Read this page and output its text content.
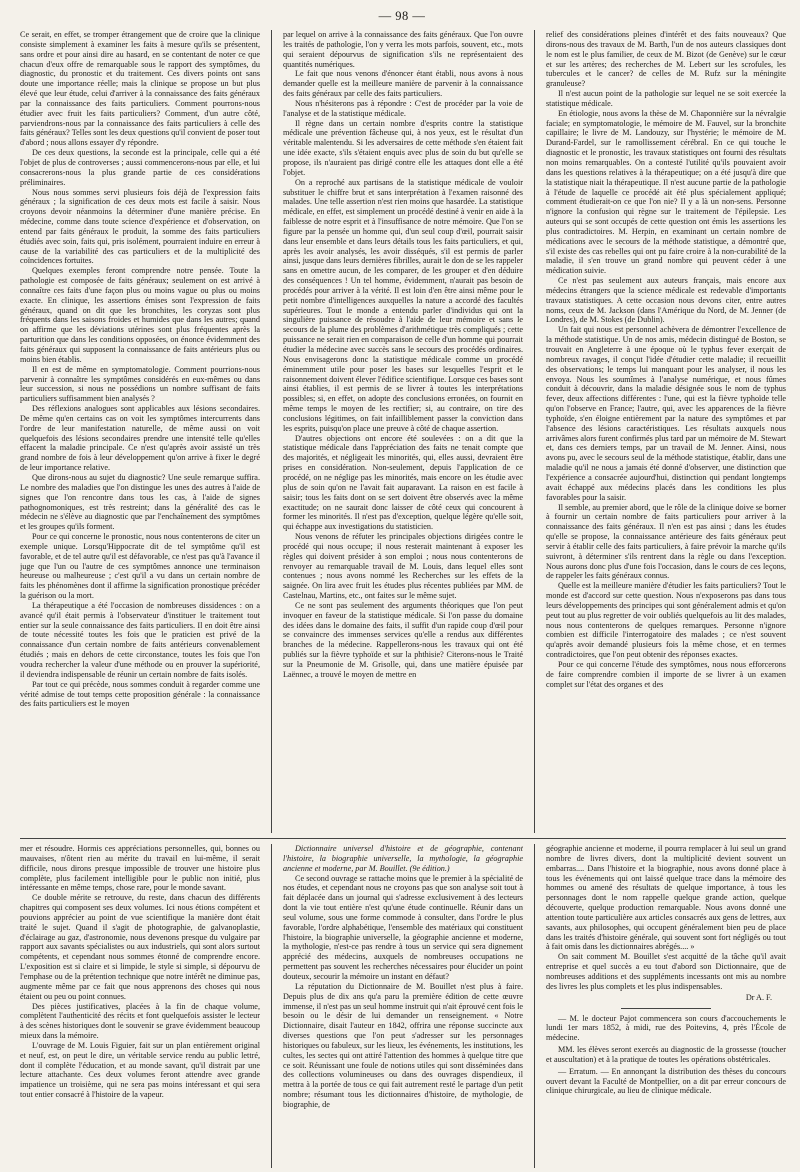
— 98 —

Ce serait, en effet, se tromper étrangement que de croire que la clinique consiste simplement à examiner les faits à mesure qu'ils se présentent, sans ordre et pour ainsi dire au hasard, en se contentant de noter ce que chacun d'eux offre de remarquable sous le rapport des symptômes, du diagnostic, du pronostic et du traitement. Ces divers points ont sans doute une importance réelle; mais la clinique se propose un but plus élevé que leur étude, celui d'arriver à la connaissance des faits généraux par la connaissance des faits particuliers. Comment pourrons-nous étudier avec fruit les faits particuliers? Comment, d'un autre côté, parviendrons-nous par la connaissance des faits particuliers à celle des faits généraux? Telles sont les deux questions qu'il convient de poser tout d'abord ; nous allons essayer d'y répondre.

De ces deux questions, la seconde est la principale, celle qui a été l'objet de plus de controverses ; aussi commencerons-nous par elle, et lui consacrerons-nous la plus grande partie de ces considérations préliminaires.

Nous nous sommes servi plusieurs fois déjà de l'expression faits généraux ; la signification de ces deux mots est facile à saisir. Nous croyons devoir néanmoins la déterminer d'une manière précise. En médecine, comme dans toute science d'expérience et d'observation, on entend par faits généraux le produit, la somme des faits particuliers étudiés avec soin, faits qui, pris isolément, pourraient induire en erreur à cause de la variabilité des cas particuliers et de la multiplicité des coïncidences fortuites.

Quelques exemples feront comprendre notre pensée. Toute la pathologie est composée de faits généraux; seulement on est arrivé à connaître ces faits d'une façon plus ou moins vague ou plus ou moins exacte. En clinique, les assertions émises sont l'expression de faits généraux, quand on dit que les bronchites, les coryzas sont plus fréquents dans les saisons froides et humides que dans les autres; quand on affirme que les déviations utérines sont plus fréquentes après la parturition que dans les conditions opposées, on énonce évidemment des faits généraux qui supposent la connaissance de faits antérieurs plus ou moins bien établis.

Il en est de même en symptomatologie. Comment pourrions-nous parvenir à connaître les symptômes considérés en eux-mêmes ou dans leur succession, si nous ne possédions un nombre suffisant de faits particuliers suffisamment bien analysés ?

Des réflexions analogues sont applicables aux lésions secondaires. De même qu'en certains cas on voit les symptômes intercurrents dans l'ordre de leur manifestation naturelle, de même aussi on voit quelquefois des lésions secondaires prendre une intensité telle qu'elles effacent la maladie principale. Ce n'est qu'après avoir assisté un très grand nombre de fois à leur développement qu'on arrive à fixer le degré de leur importance relative.

Que dirons-nous au sujet du diagnostic? Une seule remarque suffira. Le nombre des maladies que l'on distingue les unes des autres à l'aide de signes que l'on rencontre dans tous les cas, à l'aide de signes pathognomoniques, est très restreint; dans la généralité des cas le médecin ne s'élève au diagnostic que par l'enchaînement des symptômes et les groupes qu'ils forment.

Pour ce qui concerne le pronostic, nous nous contenterons de citer un exemple unique. Lorsqu'Hippocrate dit de tel symptôme qu'il est favorable, et de tel autre qu'il est défavorable, ce n'est pas qu'à l'avance il juge que l'un ou l'autre de ces symptômes annonce une terminaison heureuse ou malheureuse ; c'est qu'il a vu dans un certain nombre de faits les phénomènes dont il affirme la signification pronostique précéder la guérison ou la mort.

La thérapeutique a été l'occasion de nombreuses dissidences : on a avancé qu'il était permis à l'observateur d'instituer le traitement tout entier sur la seule connaissance des faits particuliers. Il en doit être ainsi de toute nécessité toutes les fois que le praticien est privé de la connaissance d'un certain nombre de faits antérieurs convenablement étudiés ; mais en dehors de cette circonstance, toutes les fois que l'on voudra rechercher la valeur d'une méthode ou en prouver la supériorité, il deviendra indispensable de réunir un certain nombre de faits isolés.

Par tout ce qui précède, nous sommes conduit à regarder comme une vérité admise de tout temps cette proposition générale : la connaissance des faits particuliers est le moyen

par lequel on arrive à la connaissance des faits généraux. Que l'on ouvre les traités de pathologie, l'on y verra les mots parfois, souvent, etc., mots qui seraient dépourvus de signification s'ils ne représentaient des quantités numériques.

Le fait que nous venons d'énoncer étant établi, nous avons à nous demander quelle est la meilleure manière de parvenir à la connaissance des faits généraux par celle des faits particuliers.

Nous n'hésiterons pas à répondre : C'est de procéder par la voie de l'analyse et de la statistique médicale.

Il règne dans un certain nombre d'esprits contre la statistique médicale une prévention fâcheuse qui, à nos yeux, est le résultat d'un véritable malentendu. Si les adversaires de cette méthode s'en étaient fait une idée exacte, s'ils s'étaient enquis avec plus de soin du but qu'elle se propose, ils n'auraient pas dirigé contre elle les attaques dont elle a été l'objet.

On a reproché aux partisans de la statistique médicale de vouloir substituer le chiffre brut et sans interprétation à l'examen raisonné des malades. Une telle assertion n'est rien moins que hasardée. La statistique médicale, en effet, est simplement un procédé destiné à venir en aide à la faiblesse de notre esprit et à l'insuffisance de notre mémoire. Que l'on se figure par la pensée un homme qui, d'un seul coup d'œil, pourrait saisir dans leur ensemble et dans leurs détails tous les faits particuliers, et qui, après les avoir analysés, les avoir disséqués, s'il est permis de parler ainsi, jusque dans leurs dernières fibrilles, aurait le don de se les rappeler sans en omettre aucun, de les comparer, de les grouper et d'en déduire des conséquences ! Un tel homme, évidemment, n'aurait pas besoin de procédés pour arriver à la vérité. Il est loin d'en être ainsi même pour le petit nombre d'intelligences auxquelles la nature a accordé des facultés supérieures. Tout le monde a entendu parler d'individus qui ont la singulière puissance de résoudre à l'aide de leur mémoire et sans le secours de la plume des problèmes d'arithmétique très compliqués ; cette puissance ne serait rien en comparaison de celle d'un homme qui pourrait étudier la médecine avec succès sans le secours des procédés ordinaires. Nous envisagerons donc la statistique médicale comme un procédé éminemment utile pour poser les bases sur lesquelles l'esprit et le raisonnement doivent élever l'édifice scientifique. Lorsque ces bases sont ainsi établies, il est permis de se livrer à toutes les interprétations possibles; si, en effet, on adopte des conclusions erronées, on fournit en même temps le moyen de les rectifier; si, au contraire, on tire des conclusions légitimes, on fait infailliblement passer la conviction dans les esprits, puisqu'on place une preuve à côté de chaque assertion.

D'autres objections ont encore été soulevées : on a dit que la statistique médicale dans l'appréciation des faits ne tenait compte que des majorités, et négligeait les minorités, qui, elles aussi, devraient être prises en considération. Non-seulement, depuis l'application de ce procédé, on ne néglige pas les minorités, mais encore on les étudie avec plus de soin qu'on ne l'avait fait auparavant. La raison en est facile à saisir; tous les faits dont on se sert doivent être observés avec la même exactitude; on ne saurait donc laisser de côté ceux qui concourent à former les minorités. Il n'est pas d'exception, quelque légère qu'elle soit, qui échappe aux investigations du statisticien.

Nous venons de réfuter les principales objections dirigées contre le procédé qui nous occupe; il nous resterait maintenant à exposer les règles qui doivent présider à son emploi ; nous nous contenterons de renvoyer au remarquable travail de M. Louis, dans lequel elles sont contenues ; nous avons nommé les Recherches sur les effets de la saignée. On lira avec fruit les études plus récentes publiées par MM. de Castelnau, Martins, etc., ont faites sur le même sujet.

Ce ne sont pas seulement des arguments théoriques que l'on peut invoquer en faveur de la statistique médicale. Si l'on passe du domaine des idées dans le domaine des faits, il suffit d'un rapide coup d'œil pour se convaincre des immenses services qu'elle a rendus aux différentes branches de la médecine. Rappellerons-nous les travaux qui ont été publiés sur la fièvre typhoïde et sur la phthisie? Citerons-nous le Traité sur la Pneumonie de M. Grisolle, qui, dans une matière épuisée par Laënnec, a trouvé le moyen de mettre en

relief des considérations pleines d'intérêt et des faits nouveaux? Que dirons-nous des travaux de M. Barth, l'un de nos auteurs classiques dont le nom est le plus familier, de ceux de M. Bizot (de Genève) sur le cœur et sur les artères; des recherches de M. Lebert sur les scrofules, les tubercules et le cancer? de celles de M. Rufz sur la méningite granuleuse?

Il n'est aucun point de la pathologie sur lequel ne se soit exercée la statistique médicale.

En étiologie, nous avons la thèse de M. Chaponnière sur la névralgie faciale; en symptomatologie, le mémoire de M. Fauvel, sur la bronchite capillaire; le livre de M. Landouzy, sur l'hystérie; le mémoire de M. Durand-Fardel, sur le ramollissement cérébral. En ce qui touche le diagnostic et le pronostic, les travaux statistiques ont fourni des résultats non moins remarquables. On a contesté l'utilité qu'ils pouvaient avoir dans les questions relatives à la thérapeutique; on a été jusqu'à dire que la statistique niait la thérapeutique. Il n'est aucune partie de la pathologie à l'étude de laquelle ce procédé ait été plus spécialement appliqué; comment étudierait-on ce que l'on nie? Il y a là un non-sens. Personne n'ignore la confusion qui règne sur le traitement de l'épilepsie. Les auteurs qui se sont occupés de cette question ont émis les assertions les plus contradictoires. M. Herpin, en examinant un certain nombre de médications avec le secours de la méthode statistique, a démontré que, s'il existe des cas rebelles qui ont pu faire croire à la non-curabilité de la maladie, il s'en trouve un grand nombre qui peuvent céder à une médication suivie.

Ce n'est pas seulement aux auteurs français, mais encore aux médecins étrangers que la science médicale est redevable d'importants travaux statistiques. A cette occasion nous devons citer, entre autres noms, ceux de M. Jackson (dans l'Amérique du Nord, de M. Jenner (de Londres), de M. Stokes (de Dublin).

Un fait qui nous est personnel achèvera de démontrer l'excellence de la méthode statistique. Un de nos amis, médecin distingué de Boston, se trouvait en Angleterre à une époque où le typhus fever exerçait de nombreux ravages, il conçut l'idée d'étudier cette maladie; il recueillit des observations; le temps lui manquant pour les analyser, il nous les envoya. Nous les soumîmes à l'analyse numérique, et nous fûmes conduit à découvrir, dans la maladie désignée sous le nom de typhus fever, deux affections différentes : l'une, qui est la fièvre typhoïde telle qu'on l'observe en France; l'autre, qui, avec les apparences de la fièvre typhoïde, s'en éloigne entièrement par la nature des symptômes et par l'absence des lésions caractéristiques. Les résultats auxquels nous arrivâmes alors furent confirmés plus tard par un mémoire de M. Stewart et, dans ces derniers temps, par un travail de M. Jenner. Ainsi, nous avons pu, avec le secours seul de la méthode statistique, établir, dans une maladie qu'il ne nous a jamais été donné d'observer, une distinction que l'expérience a consacrée aujourd'hui, distinction qui pendant longtemps avait échappé aux médecins placés dans les conditions les plus favorables pour la saisir.

Il semble, au premier abord, que le rôle de la clinique doive se borner à fournir un certain nombre de faits particuliers pour arriver à la connaissance des faits généraux. Il n'en est pas ainsi ; dans les études qu'elle se propose, la connaissance antérieure des faits généraux peut servir à établir celle des faits particuliers, à faire prévoir la marche qu'ils suivront, à déterminer s'ils rentrent dans la règle ou dans l'exception. Nous aurons donc plus d'une fois l'occasion, dans le cours de ces leçons, de rappeler les faits généraux connus.

Quelle est la meilleure manière d'étudier les faits particuliers? Tout le monde est d'accord sur cette question. Nous n'exposerons pas dans tous leurs développements des principes qui sont généralement admis et qu'on peut tout au plus regretter de voir oubliés quelquefois au lit des malades, nous nous contenterons de quelques remarques. Personne n'ignore combien est difficile l'interrogatoire des malades ; ce n'est souvent qu'après avoir demandé plusieurs fois la même chose, et en termes contradictoires, que l'on peut obtenir des réponses exactes.

Pour ce qui concerne l'étude des symptômes, nous nous efforcerons de faire comprendre combien il importe de se livrer à un examen complet sur l'état des organes et des

mer et résoudre. Hormis ces appréciations personnelles, qui, bonnes ou mauvaises, n'ôtent rien au mérite du travail en lui-même, il serait difficile, nous dirons presque impossible de trouver une histoire plus complète, plus facilement intelligible pour le public non initié, plus intéressante en même temps, chose rare, pour le monde savant.

Ce double mérite se retrouve, du reste, dans chacun des différents chapitres qui composent ses deux volumes. Ici nous étions compétent et pouvions apprécier au point de vue scientifique la manière dont était traité le sujet. Quand il s'agit de photographie, de galvanoplastie, d'éclairage au gaz, d'astronomie, nous devenons presque du vulgaire par rapport aux savants spécialistes ou aux industriels, qui sont alors surtout compétents, et cependant nous sommes étonné de comprendre encore. L'exposition est si claire et si limpide, le style si simple, si dépourvu de l'emphase ou de la prétention technique que notre intérêt ne diminue pas, augmente même par ce fait que nous apprenons des choses qui nous étaient ou peu ou point connues.

Des pièces justificatives, placées à la fin de chaque volume, complètent l'authenticité des récits et font quelquefois assister le lecteur à des scènes historiques dont le souvenir se grave évidemment beaucoup mieux dans la mémoire.

L'ouvrage de M. Louis Figuier, fait sur un plan entièrement original et neuf, est, on peut le dire, un véritable service rendu au public lettré, dont il complète l'éducation, et au monde savant, qu'il distrait par une lecture attachante. Ces deux volumes feront attendre avec grande impatience un troisième, qui ne sera pas moins intéressant et qui sera tout entier consacré à l'histoire de la vapeur.

Dictionnaire universel d'histoire et de géographie, contenant l'histoire, la biographie universelle, la mythologie, la géographie ancienne et moderne, par M. Bouillet. (9e édition.)

Ce second ouvrage se rattache moins que le premier à la spécialité de nos études, et cependant nous ne croyons pas que son analyse soit tout à fait déplacée dans un journal qui s'adresse exclusivement à des lecteurs dont la vie tout entière n'est qu'une étude continuelle. Réunir dans un seul volume, sous une forme commode à consulter, dans l'ordre le plus favorable, l'ordre alphabétique, l'ensemble des matériaux qui constituent l'histoire, la biographie universelle, la géographie ancienne et moderne, la mythologie, n'est-ce pas rendre à tous un service qui sera dignement apprécié des médecins, auxquels de nombreuses occupations ne permettent pas souvent les recherches nécessaires pour élucider un point douteux, secourir la mémoire un instant en défaut?

La réputation du Dictionnaire de M. Bouillet n'est plus à faire. Depuis plus de dix ans qu'a paru la première édition de cette œuvre immense, il n'est pas un seul homme instruit qui n'ait éprouvé cent fois le besoin ou le désir de lui demander un renseignement. « Notre Dictionnaire, disait l'auteur en 1842, offrira une réponse succincte aux diverses questions que l'on peut s'adresser sur les personnages historiques ou fabuleux, sur les lieux, les événements, les institutions, les cultes, les sectes qui ont attiré l'attention des hommes à quelque titre que ce soit. Réunissant une foule de notions utiles qui sont disséminées dans des collections volumineuses ou dans des ouvrages dispendieux, il mettra à la portée de tous ce qui fait autrement resté le partage d'un petit nombre; résumant tous les dictionnaires d'histoire, de mythologie, de biographie, de

géographie ancienne et moderne, il pourra remplacer à lui seul un grand nombre de livres divers, dont la multiplicité devient souvent un embarras.... Dans l'histoire et la biographie, nous avons donné place à tous les événements qui ont laissé quelque trace dans la mémoire des hommes ou amené des résultats de quelque importance, à tous les personnages dont le nom rappelle quelque grande action, quelque découverte, quelque production remarquable. Nous avons donné une attention toute particulière aux articles consacrés aux gens de lettres, aux savants, aux philosophes, qui occupent généralement bien peu de place dans les traités d'histoire générale, qui souvent sont fort négligés ou tout à fait omis dans les dictionnaires abrégés.... »

On sait comment M. Bouillet s'est acquitté de la tâche qu'il avait entreprise et quel succès a eu tout d'abord son Dictionnaire, que de nombreuses additions et des suppléments incessants ont mis au nombre des livres les plus complets et les plus indispensables.

Dr A. F.

— M. le docteur Pajot commencera son cours d'accouchements le lundi 1er mars 1852, à midi, rue des Poitevins, 4, près l'École de médecine.

MM. les élèves seront exercés au diagnostic de la grossesse (toucher et auscultation) et à la pratique de toutes les opérations obstétricales.

— Erratum. — En annonçant la distribution des thèses du concours ouvert devant la Faculté de Montpellier, on a dit par erreur concours de clinique chirurgicale, au lieu de clinique médicale.
